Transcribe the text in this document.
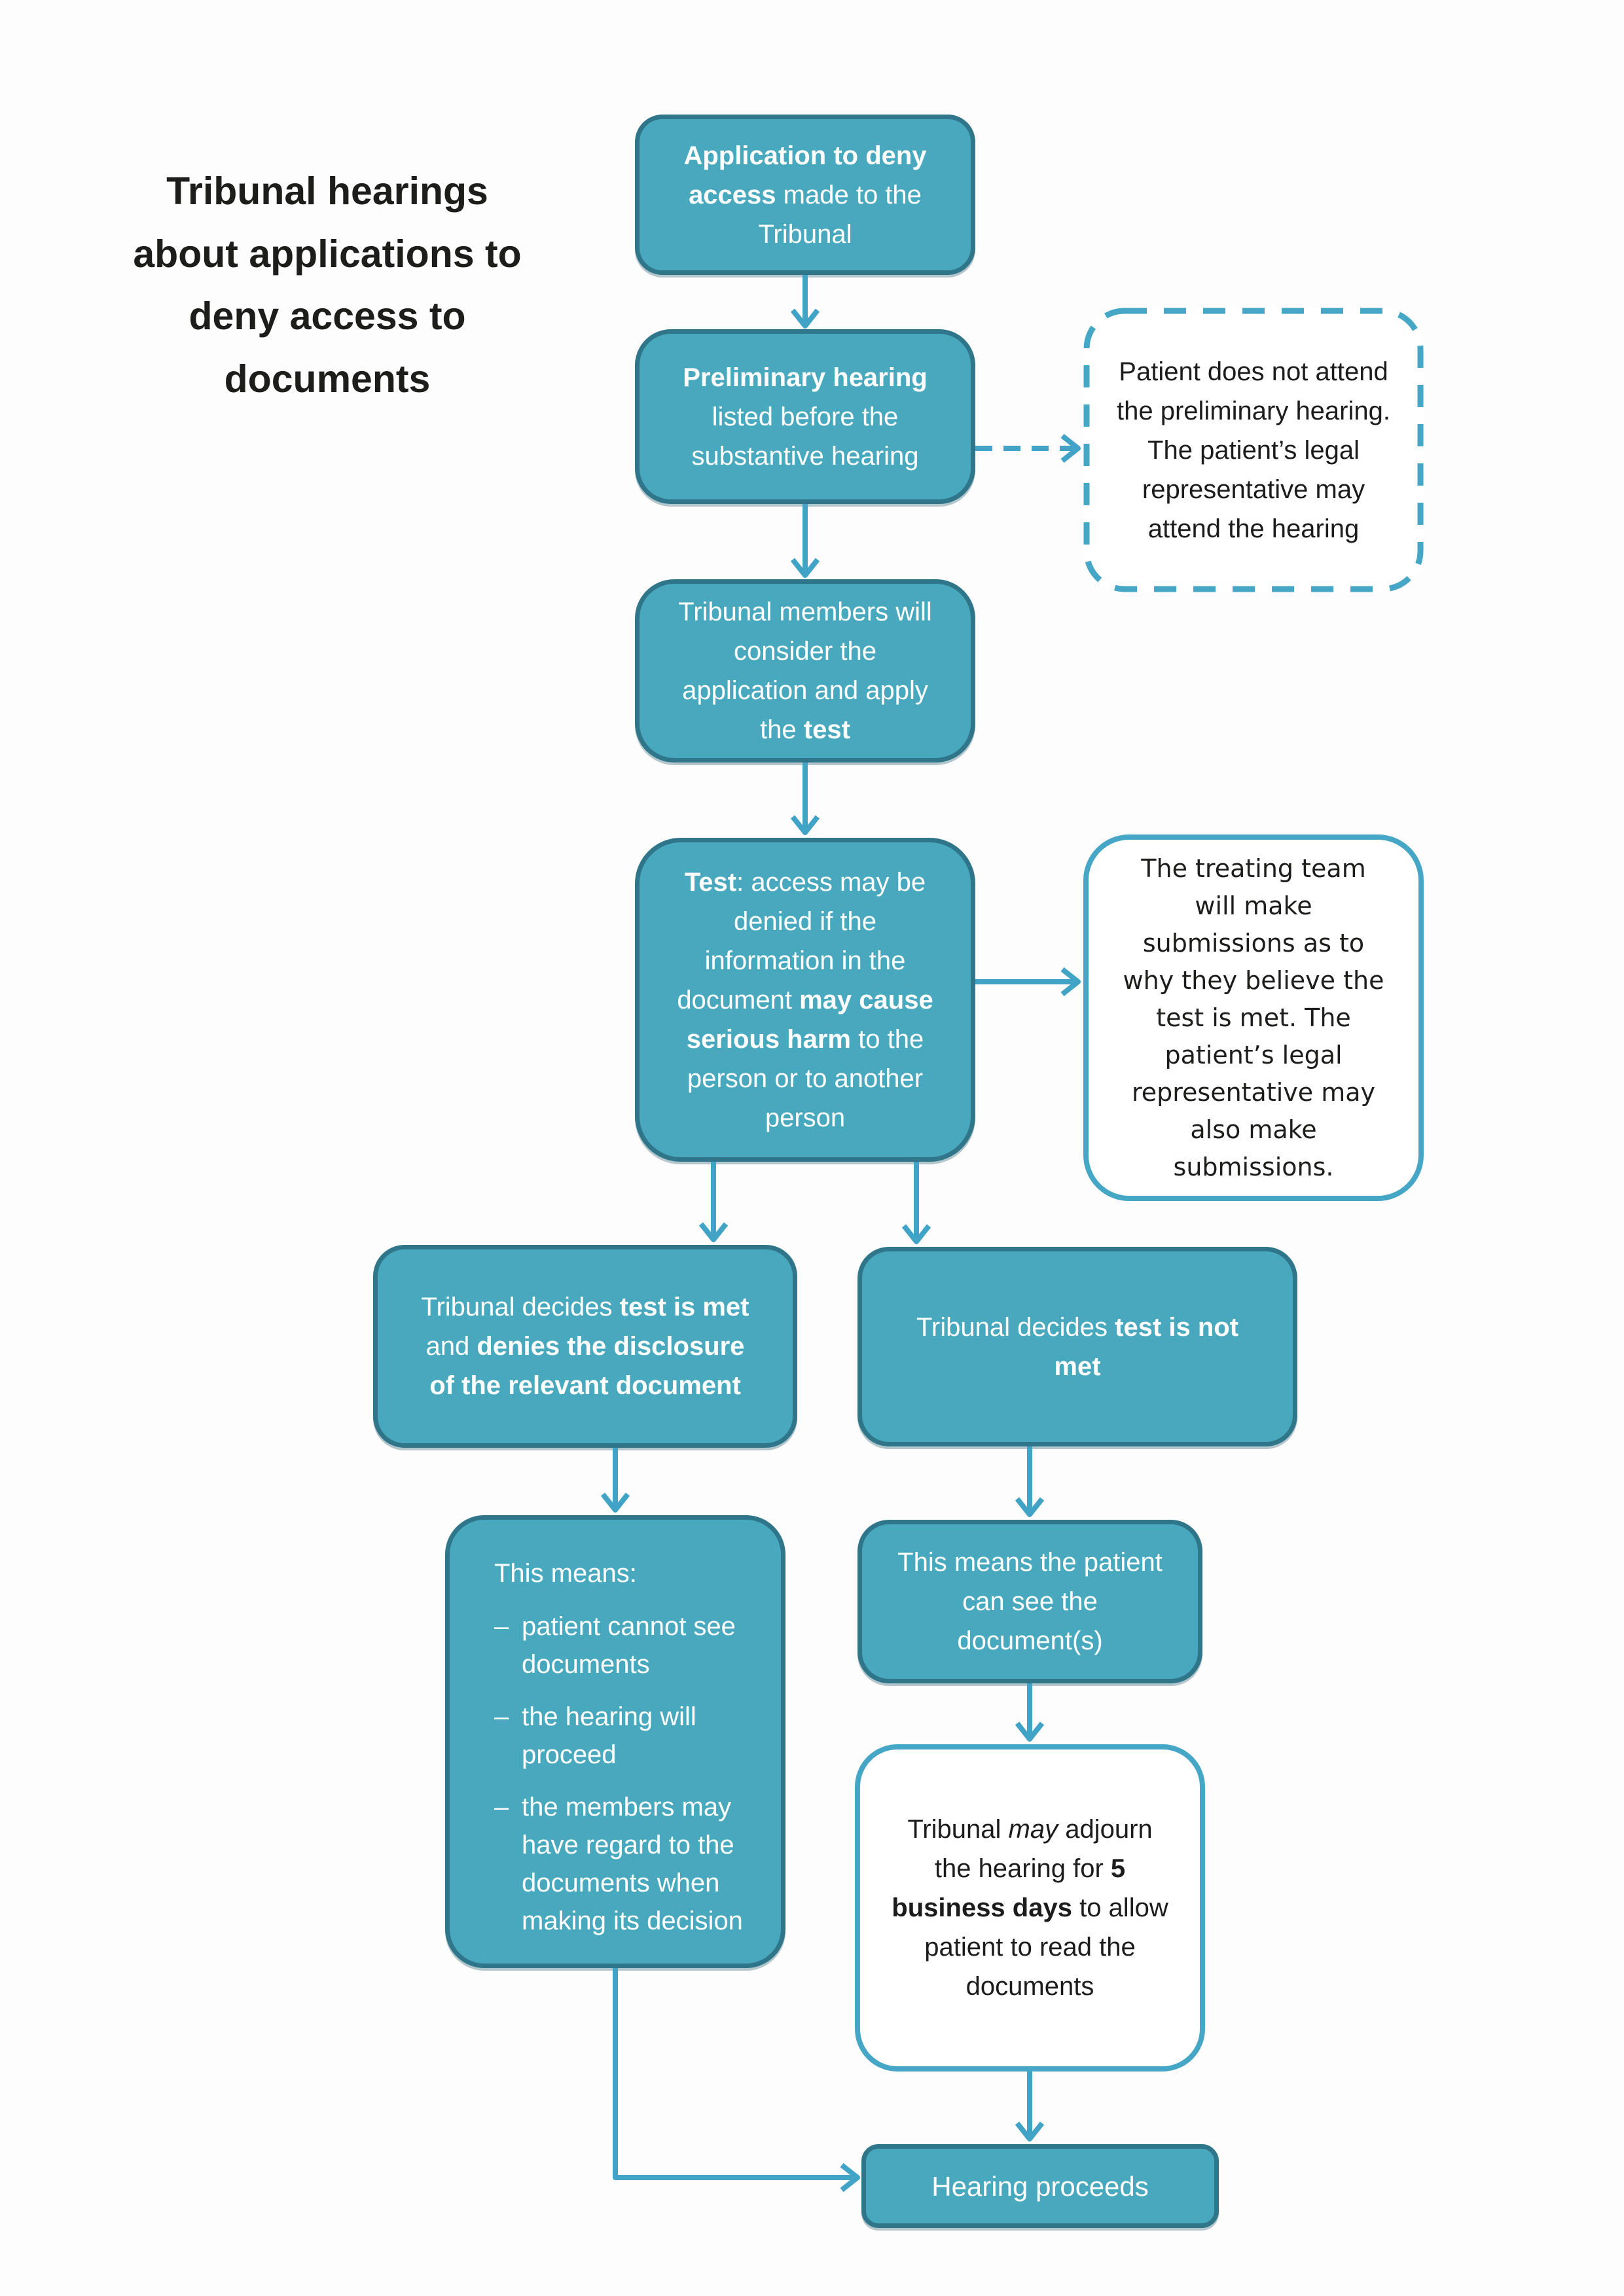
Tribunal hearings about applications to deny access to documents
Application to deny access made to the Tribunal
Preliminary hearing listed before the substantive hearing
Patient does not attend the preliminary hearing. The patient’s legal representative may attend the hearing
Tribunal members will consider the application and apply the test
Test: access may be denied if the information in the document may cause serious harm to the person or to another person
The treating team will make submissions as to why they believe the test is met. The patient’s legal representative may also make submissions.
Tribunal decides test is met and denies the disclosure of the relevant document
Tribunal decides test is not met
This means:
– patient cannot see documents
– the hearing will proceed
– the members may have regard to the documents when making its decision
This means the patient can see the document(s)
Tribunal may adjourn the hearing for 5 business days to allow patient to read the documents
Hearing proceeds
